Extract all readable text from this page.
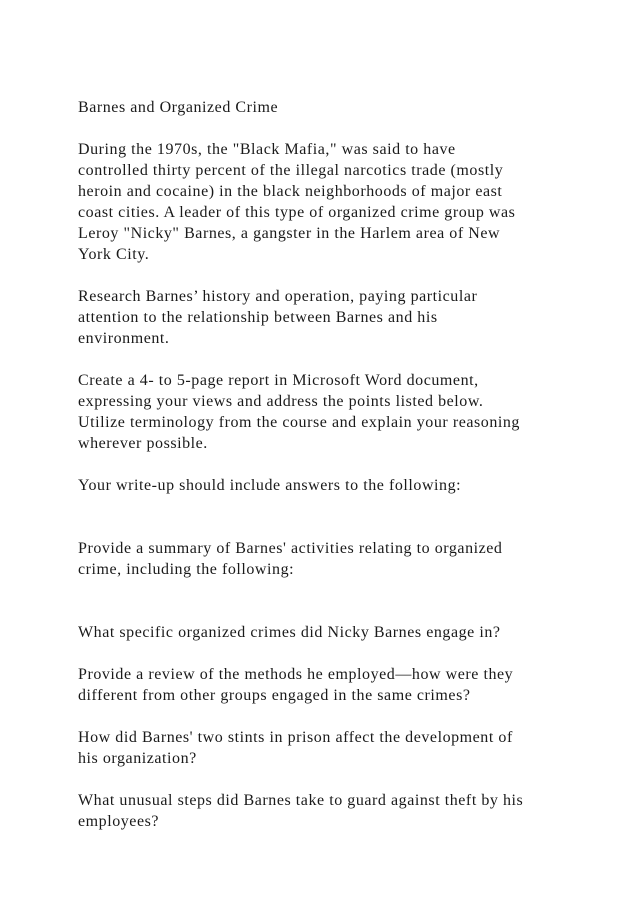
Barnes and Organized Crime

During the 1970s, the "Black Mafia," was said to have

controlled thirty percent of the illegal narcotics trade (mostly

heroin and cocaine) in the black neighborhoods of major east

coast cities. A leader of this type of organized crime group was

Leroy "Nicky" Barnes, a gangster in the Harlem area of New

York City.

Research Barnes’ history and operation, paying particular

attention to the relationship between Barnes and his

environment.

Create a 4- to 5-page report in Microsoft Word document,

expressing your views and address the points listed below.

Utilize terminology from the course and explain your reasoning

wherever possible.

Your write-up should include answers to the following:

Provide a summary of Barnes' activities relating to organized

crime, including the following:

What specific organized crimes did Nicky Barnes engage in?

Provide a review of the methods he employed—how were they

different from other groups engaged in the same crimes?

How did Barnes' two stints in prison affect the development of

his organization?

What unusual steps did Barnes take to guard against theft by his

employees?
